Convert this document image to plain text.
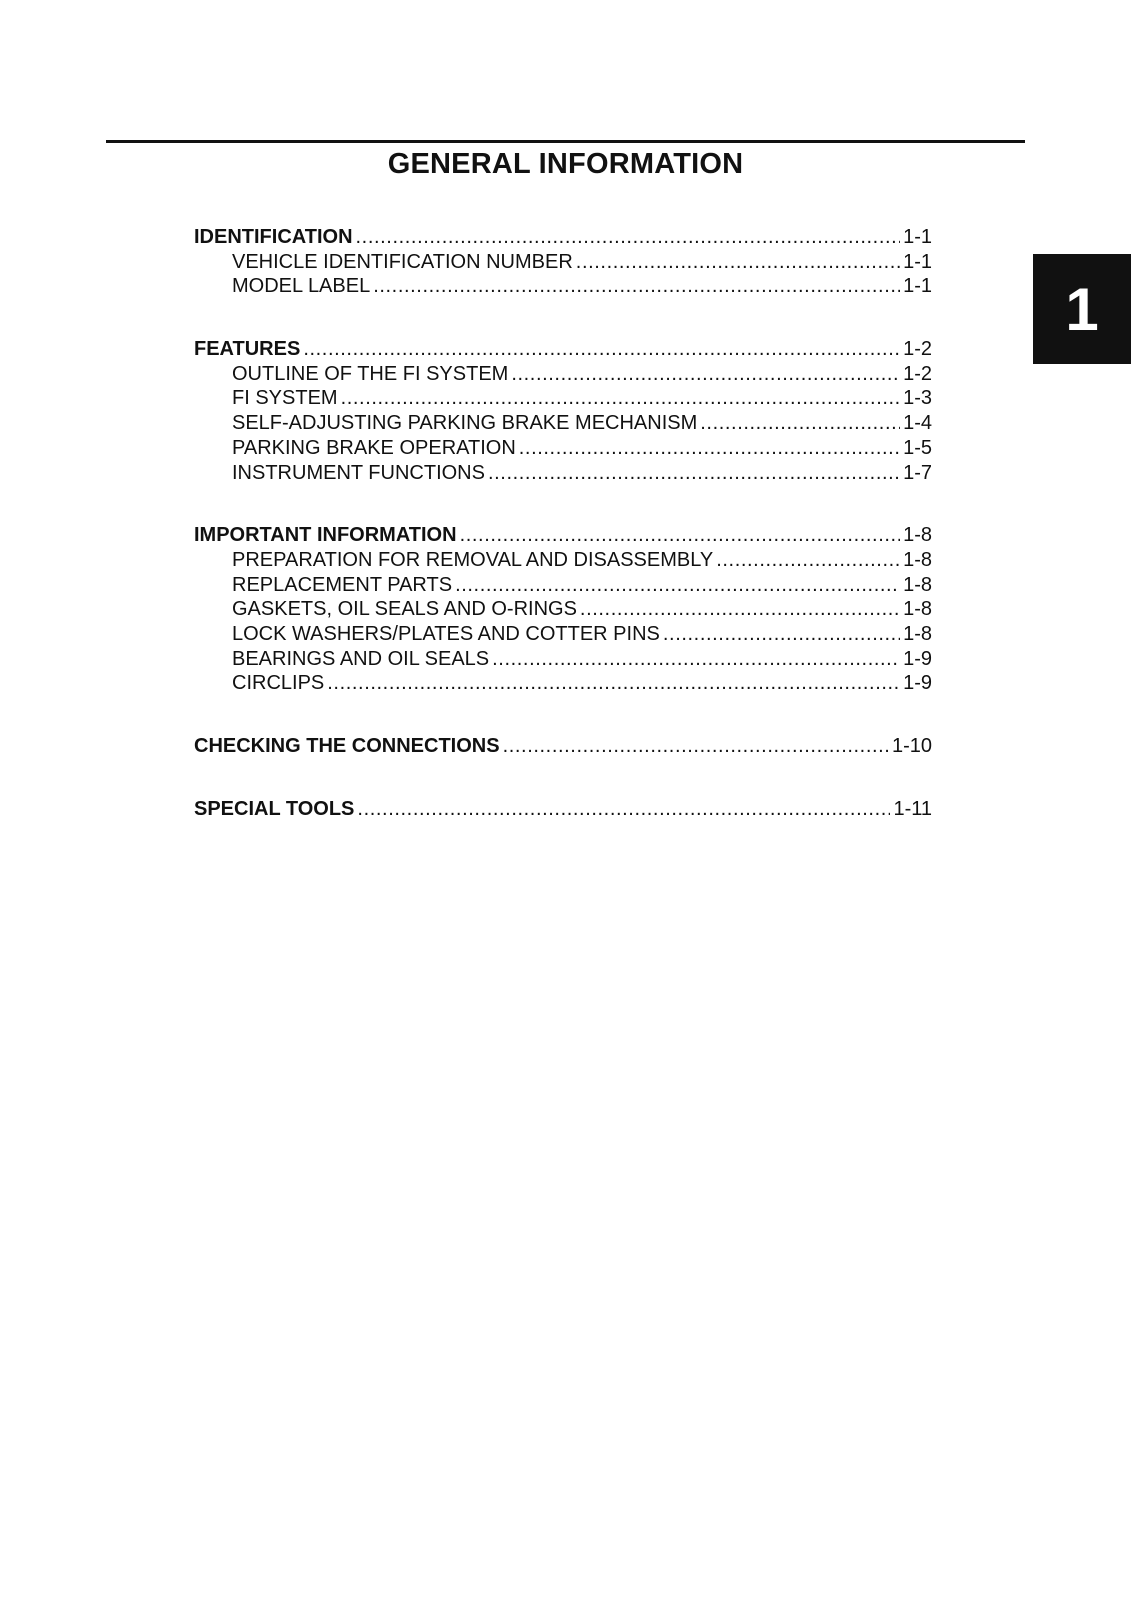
GENERAL INFORMATION
1
IDENTIFICATION .....	1-1
VEHICLE IDENTIFICATION NUMBER .....	1-1
MODEL LABEL .....	1-1
FEATURES .....	1-2
OUTLINE OF THE FI SYSTEM .....	1-2
FI SYSTEM .....	1-3
SELF-ADJUSTING PARKING BRAKE MECHANISM .....	1-4
PARKING BRAKE OPERATION .....	1-5
INSTRUMENT FUNCTIONS .....	1-7
IMPORTANT INFORMATION .....	1-8
PREPARATION FOR REMOVAL AND DISASSEMBLY .....	1-8
REPLACEMENT PARTS .....	1-8
GASKETS, OIL SEALS AND O-RINGS .....	1-8
LOCK WASHERS/PLATES AND COTTER PINS .....	1-8
BEARINGS AND OIL SEALS .....	1-9
CIRCLIPS .....	1-9
CHECKING THE CONNECTIONS .....	1-10
SPECIAL TOOLS .....	1-11
